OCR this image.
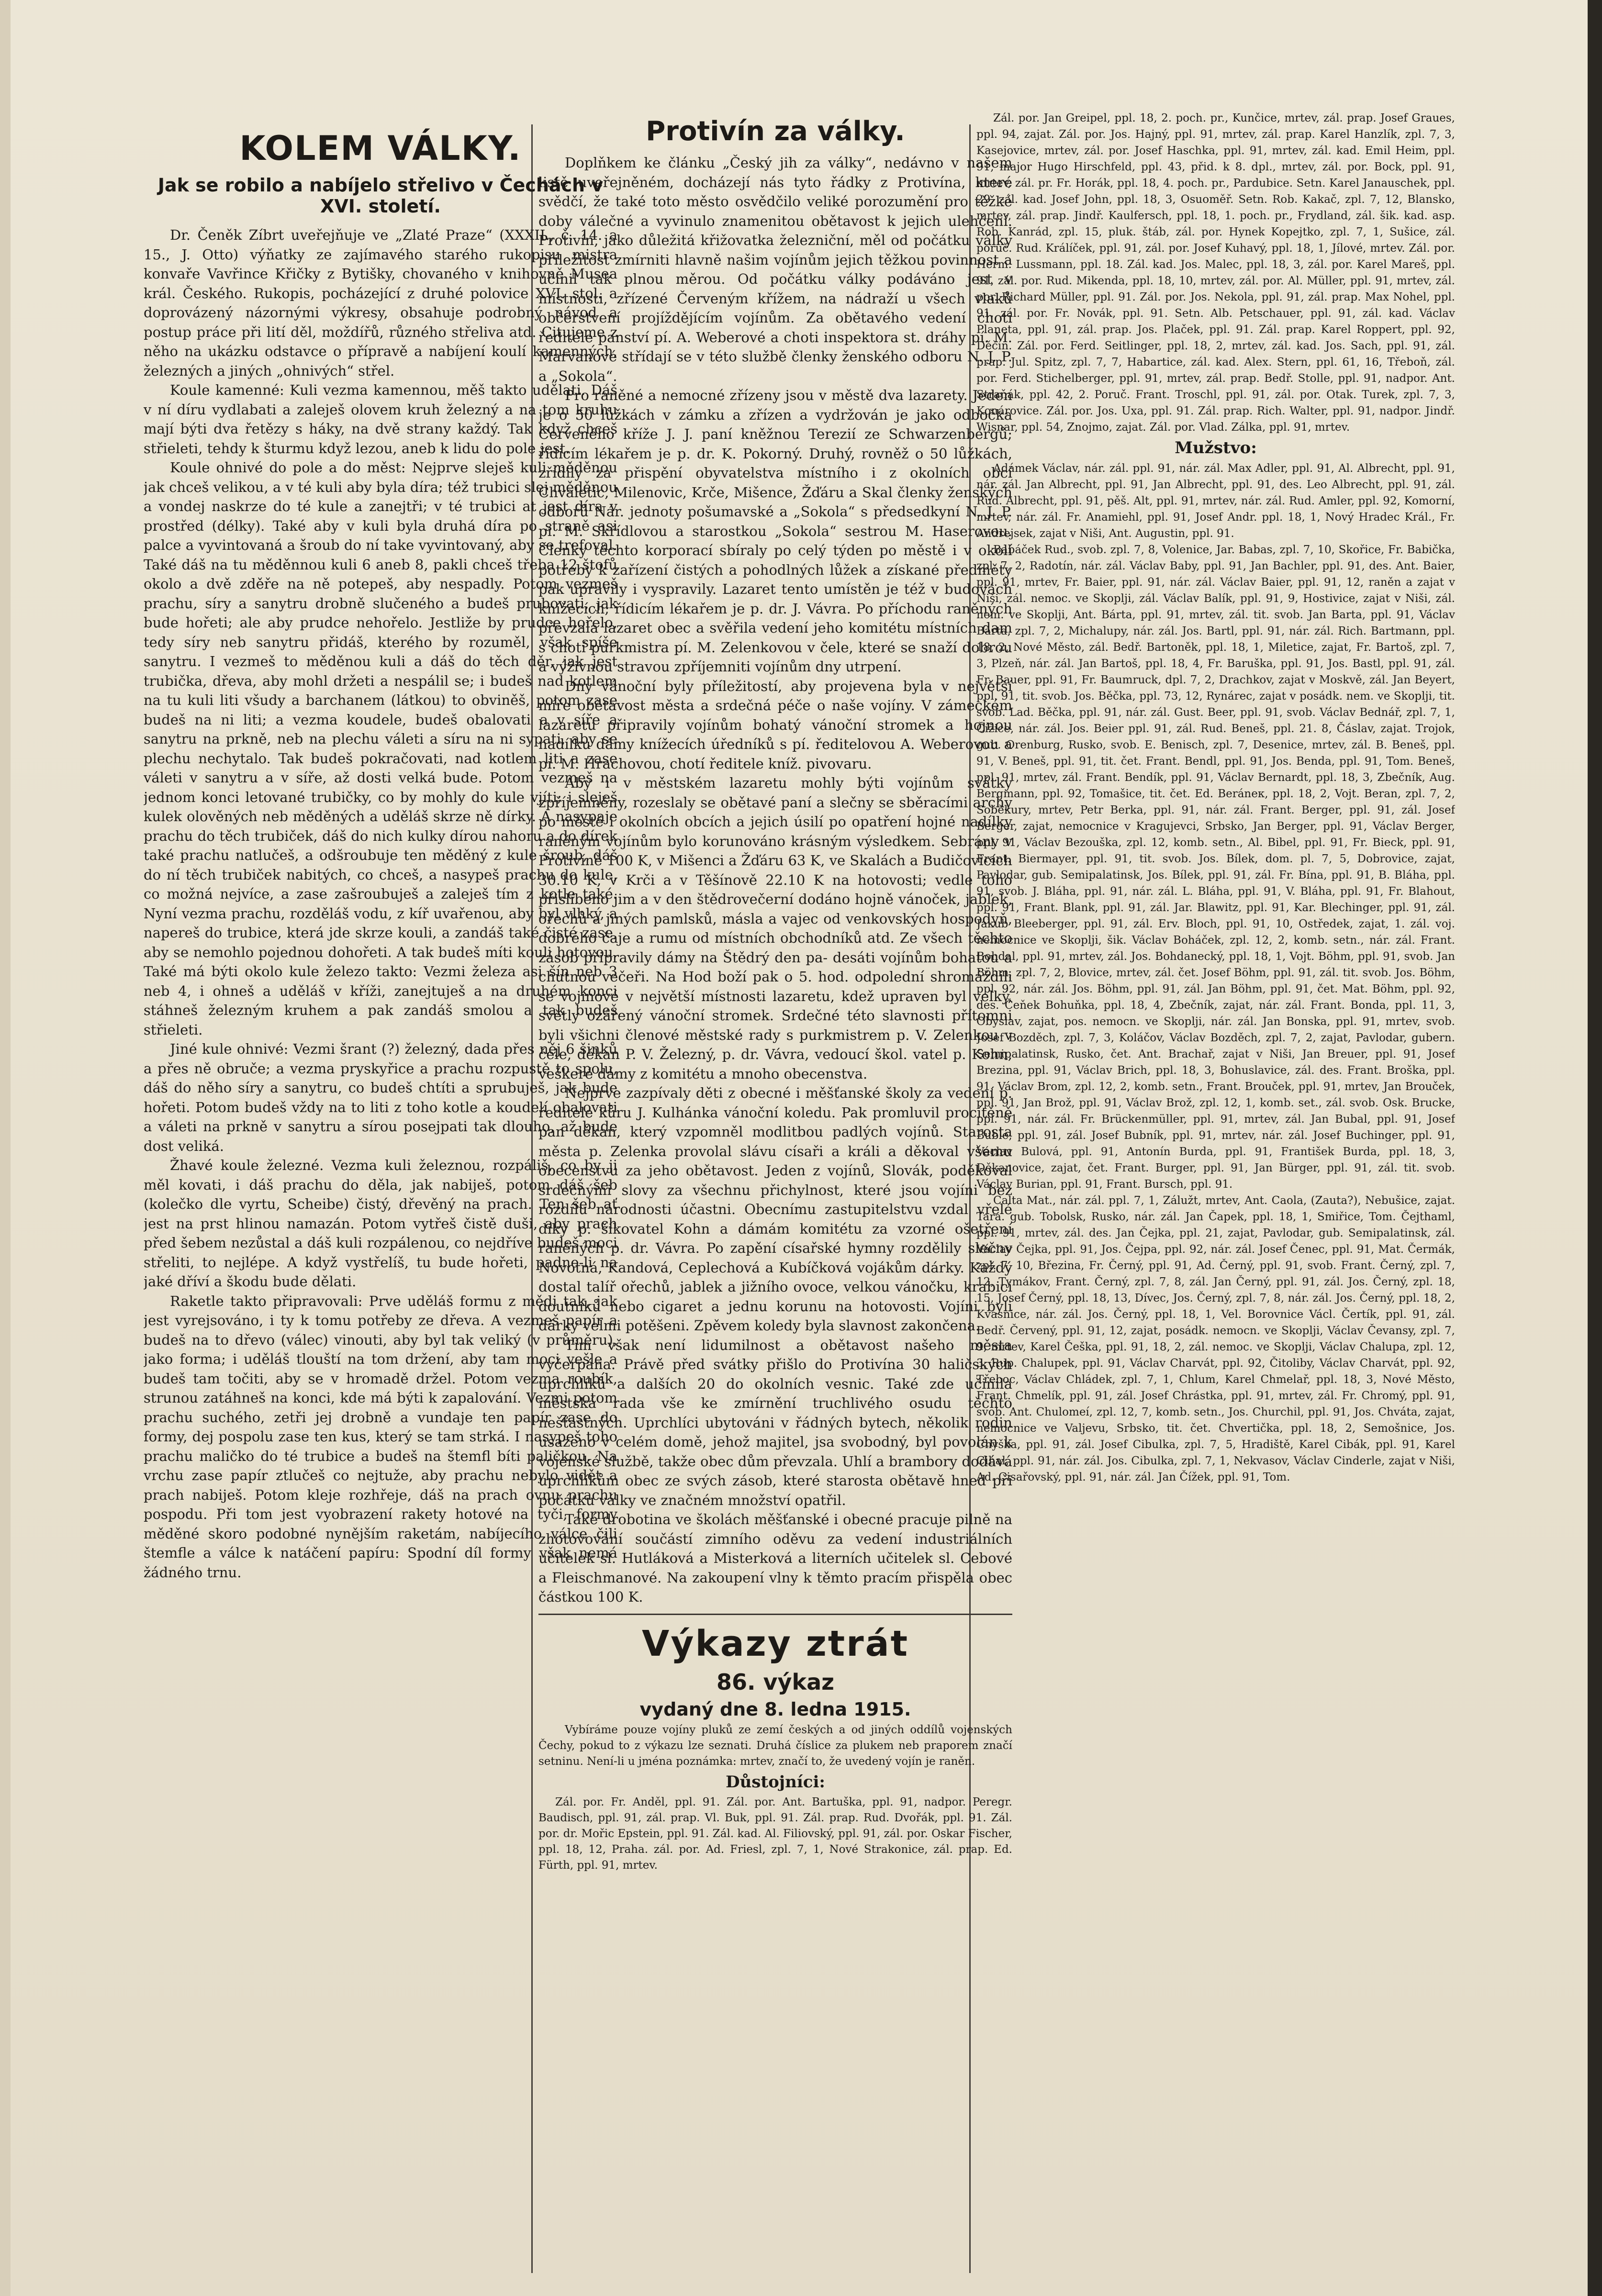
KOLEM VÁLKY.
Jak se robilo a nabíjelo střelivo v Čechách v XVI. století.

Dr. Čeněk Zíbrt uveřejňuje ve „Zlaté Praze“ (XXXII., č. 14. a 15., J. Otto) výňatky ze zajímavého starého rukopisu mistra konvaře Vavřince Křičky z Bytišky, chovaného v knihovně Musea král. Českého. Rukopis, pocházející z druhé polovice XVI. stol. a doprovázený názornými výkresy, obsahuje podrobný návod a postup práce při lití děl, moždířů, různého střeliva atd. Citujeme z něho na ukázku odstavce o přípravě a nabíjení koulí kamenných, železných a jiných „ohnivých“ střel.

Koule kamenné: Kuli vezma kamennou, měš takto udělati. Dáš v ní díru vydlabati a zaleješ olovem kruh železný a na tom kruhu mají býti dva řetězy s háky, na dvě strany každý. Tak když chceš střieleti, tehdy k šturmu když lezou, aneb k lidu do pole jest.

Koule ohnivé do pole a do měst: Nejprve sleješ kuli měděnou jak chceš velikou, a v té kuli aby byla díra; též trubici slej měděnou a vondej naskrze do té kule a zanejtři; v té trubici at jest díra v prostřed (délky). Také aby v kuli byla druhá díra po straně asi palce a vyvintovaná a šroub do ní take vyvintovaný, aby se trefoval. Také dáš na tu měděnnou kuli 6 aneb 8, pakli chceš třeba 12 štofů okolo a dvě zděře na ně potepeš, aby nespadly. Potom vezmeš prachu, síry a sanytru drobně slučeného a budeš prubovati, jak bude hořeti; ale aby prudce nehořelo. Jestliže by prudce hořelo, tedy síry neb sanytru přidáš, kterého by rozuměl, však spíše sanytru. I vezmeš to měděnou kuli a dáš do těch děr, jak jest trubička, dřeva, aby mohl držeti a nespálil se; i budeš nad kotlem na tu kuli liti všudy a barchanem (látkou) to obviněš, potom zase budeš na ni liti; a vezma koudele, budeš obalovati a v síře a sanytru na prkně, neb na plechu váleti a síru na ni sypati, aby se plechu nechytalo. Tak budeš pokračovati, nad kotlem liti a zase váleti v sanytru a v síře, až dosti velká bude. Potom vezmeš na jednom konci letované trubičky, co by mohly do kule vjíti; i sleješ kulek olověných neb měděných a uděláš skrze ně dírky. A nasypaje prachu do těch trubiček, dáš do nich kulky dírou nahoru a do dírek také prachu natlučeš, a odšroubuje ten měděný z kule šroub, dáš do ní těch trubiček nabitých, co chceš, a nasypeš prachu do kule, co možná nejvíce, a zase zašroubuješ a zaleješ tím z kotle také. Nyní vezma prachu, rozděláš vodu, z kíř uvařenou, aby byl vlhký, a napereš do trubice, která jde skrze kouli, a zandáš také čisté zase, aby se nemohlo pojednou dohořeti. A tak budeš míti kouli hotovou. Také má býti okolo kule železo takto: Vezmi železa asi šín neb 3 neb 4, i ohneš a uděláš v kříži, zanejtuješ a na druhém konci stáhneš železným kruhem a pak zandáš smolou a tak budeš střieleti.

Jiné kule ohnivé: Vezmi šrant (?) železný, dada přes něj 6 šinků a přes ně obruče; a vezma pryskyřice a prachu rozpustě to spolu, dáš do něho síry a sanytru, co budeš chtíti a sprubuješ, jak bude hořeti. Potom budeš vždy na to liti z toho kotle a koudelí obalovati a váleti na prkně v sanytru a sírou posejpati tak dlouho, až bude dost veliká.

Žhavé koule železné. Vezma kuli železnou, rozpáliš, co by ji měl kovati, i dáš prachu do děla, jak nabiješ, potom dáš šeb (kolečko dle vyrtu, Scheibe) čistý, dřevěný na prach. Ten šeb ať jest na prst hlinou namazán. Potom vytřeš čistě duši, aby prach před šebem nezůstal a dáš kuli rozpálenou, co nejdříve budeš moci střeliti, to nejlépe. A když vystřelíš, tu bude hořeti, padne-li na jaké dříví a škodu bude dělati.

Raketle takto připravovali: Prve uděláš formu z mědi tak, jak jest vyrejsováno, i ty k tomu potřeby ze dřeva. A vezmeš papír a budeš na to dřevo (válec) vinouti, aby byl tak veliký (v průměru), jako forma; i uděláš tlouští na tom držení, aby tam moci vešle a budeš tam točiti, aby se v hromadě držel. Potom vezma roubík, strunou zatáhneš na konci, kde má býti k zapalování. Vezmi potom prachu suchého, zetři jej drobně a vundaje ten papír zase do formy, dej pospolu zase ten kus, který se tam strká. I nasypeš toho prachu maličko do té trubice a budeš na štemfl bíti paličkou. Na vrchu zase papír ztlučeš co nejtuže, aby prachu nebylo vidět a prach nabiješ. Potom kleje rozhřeje, dáš na prach ovnu prachu pospodu. Při tom jest vyobrazení rakety hotové na tyči, formy měděné skoro podobné nynějším raketám, nabíjecího válce čili štemfle a válce k natáčení papíru: Spodní díl formy však nemá žádného trnu.

Protivín za války.

Doplňkem ke článku „Český jih za války“, nedávno v našem listě uveřejněném, docházejí nás tyto řádky z Protivína, které svědčí, že také toto město osvědčilo veliké porozumění pro těžké doby válečné a vyvinulo znamenitou obětavost k jejich ulehčení. Protivín, jako důležitá křižovatka železniční, měl od počátku války příležitost zmírniti hlavně našim vojínům jejich těžkou povinnost a učinil tak plnou měrou. Od počátku války podáváno jest v místnosti, zřízené Červeným křížem, na nádraží u všech vlaků občerstvení projíždějícím vojínům. Za obětavého vedení choti ředitele panství pí. A. Weberové a choti inspektora st. dráhy pí. M. Marvanové střídají se v této službě členky ženského odboru N. J. P. a „Sokola“.

Pro raněné a nemocné zřízeny jsou v městě dva lazarety. Jeden je o 50 lůžkách v zámku a zřízen a vydržován je jako odbočka Červeného kříže J. J. paní kněžnou Terezií ze Schwarzenbergů; řídicím lékařem je p. dr. K. Pokorný. Druhý, rovněž o 50 lůžkách, zřídily za přispění obyvatelstva místního i z okolních obcí Chvaletic, Milenovic, Krče, Mišence, Žďáru a Skal členky ženských odborů Nár. jednoty pošumavské a „Sokola“ s předsedkyní N. J. P. pí. M. Skřídlovou a starostkou „Sokola“ sestrou M. Haserovou. Členky těchto korporací sbíraly po celý týden po městě i v okolí potřeby k zařízení čistých a pohodlných lůžek a získané předměty pak upravily i vyspravily. Lazaret tento umístěn je též v budovách knížecích; řídicím lékařem je p. dr. J. Vávra. Po příchodu raněných převzala lazaret obec a svěřila vedení jeho komitétu místních dam s chotí purkmistra pí. M. Zelenkovou v čele, které se snaží dobrou a výživnou stravou zpříjemniti vojínům dny utrpení.

Dny vánoční byly příležitostí, aby projevena byla v největší míře obětavost města a srdečná péče o naše vojíny. V zámeckém lazaretu připravily vojínům bohatý vánoční stromek a hojnou nadílku dámy knížecích úředníků s pí. ředitelovou A. Weberovou a pí. M. Hrachovou, chotí ředitele kníž. pivovaru.

Aby i v městském lazaretu mohly býti vojínům svátky zpříjemněny, rozeslaly se obětavé paní a slečny se sběracími archy po městě i okolních obcích a jejich úsilí po opatření hojné nadílky raněným vojínům bylo korunováno krásným výsledkem. Sebrány v Protivíně 100 K, v Mišenci a Žďáru 63 K, ve Skalách a Budičovicích 30.10 K, v Krči a v Těšínově 22.10 K na hotovosti; vedle toho přislíbeno jim a v den štědrovečerní dodáno hojně vánoček, jablek, ořechů a jiných pamlsků, másla a vajec od venkovských hospodyň, dobrého čaje a rumu od místních obchodníků atd. Ze všech těchto zásob připravily dámy na Štědrý den pa- desáti vojínům bohatou a chutnou večeři. Na Hod boží pak o 5. hod. odpolední shromáždili se vojínové v největší místnosti lazaretu, kdež upraven byl velký, světly ozářený vánoční stromek. Srdečné této slavnosti přítomni byli všichni členové městské rady s purkmistrem p. V. Zelenkou v čele, děkan P. V. Železný, p. dr. Vávra, vedoucí škol. vatel p. Kohn, veškeré dámy z komitétu a mnoho obecenstva.

Nejprve zazpívaly děti z obecné i měšťanské školy za vedení p. ředitele kůru J. Kulhánka vánoční koledu. Pak promluvil procítěně pan děkan, který vzpomněl modlitbou padlých vojínů. Starosta města p. Zelenka provolal slávu císaři a králi a děkoval všemu obecenstvu za jeho obětavost. Jeden z vojínů, Slovák, poděkoval srdečnými slovy za všechnu přichylnost, které jsou vojíni bez rozdílu národnosti účastni. Obecnímu zastupitelstvu vzdal vřelé díky p. šikovatel Kohn a dámám komitétu za vzorné ošetření raněných p. dr. Vávra. Po zapění císařské hymny rozdělily slečny Novotná, Kandová, Ceplechová a Kubíčková vojákům dárky. Každý dostal talíř ořechů, jablek a jižního ovoce, velkou vánočku, krabici doutníků nebo cigaret a jednu korunu na hotovosti. Vojíni byli dárky velmi potěšeni. Zpěvem koledy byla slavnost zakončena.

Tím však není lidumilnost a obětavost našeho města vyčerpána. Právě před svátky přišlo do Protivína 30 haličských uprchlíků a dalších 20 do okolních vesnic. Také zde učinila městská rada vše ke zmírnění truchlivého osudu těchto nešťastných. Uprchlíci ubytováni v řádných bytech, několik rodin usazeno v celém domě, jehož majitel, jsa svobodný, byl povolán k vojenské službě, takže obec dům převzala. Uhlí a brambory dodává uprchlíkům obec ze svých zásob, které starosta obětavě hned při počátku války ve značném množství opatřil.

Také drobotina ve školách měšťanské i obecné pracuje pilně na zhotovování součástí zimního oděvu za vedení industriálních učitelek sl. Hutláková a Misterková a literních učitelek sl. Cebové a Fleischmanové. Na zakoupení vlny k těmto pracím přispěla obec částkou 100 K.

Výkazy ztrát
86. výkaz
vydaný dne 8. ledna 1915.

Vybíráme pouze vojíny pluků ze zemí českých a od jiných oddílů vojenských Čechy, pokud to z výkazu lze seznati. Druhá číslice za plukem neb praporem značí setninu. Není-li u jména poznámka: mrtev, značí to, že uvedený vojín je raněn.

Důstojníci:

Zál. por. Fr. Anděl, ppl. 91. Zál. por. Ant. Bartuška, ppl. 91, nadpor. Peregr. Baudisch, ppl. 91, zál. prap. Vl. Buk, ppl. 91. Zál. prap. Rud. Dvořák, ppl. 91. Zál. por. dr. Mořic Epstein, ppl. 91. Zál. kad. Al. Filiovský, ppl. 91, zál. por. Oskar Fischer, ppl. 18, 12, Praha. zál. por. Ad. Friesl, zpl. 7, 1, Nové Strakonice, zál. prap. Ed. Fürth, ppl. 91, mrtev.

Zál. por. Jan Greipel, ppl. 18, 2. poch. pr., Kunčice, mrtev, zál. prap. Josef Graues, ppl. 94, zajat. Zál. por. Jos. Hajný, ppl. 91, mrtev, zál. prap. Karel Hanzlík, zpl. 7, 3, Kasejovice, mrtev, zál. por. Josef Haschka, ppl. 91, mrtev, zál. kad. Emil Heim, ppl. 91, major Hugo Hirschfeld, ppl. 43, přid. k 8. dpl., mrtev, zál. por. Bock, ppl. 91, mrtev, zál. pr. Fr. Horák, ppl. 18, 4. poch. pr., Pardubice. Setn. Karel Janauschek, ppl. 29, zál. kad. Josef John, ppl. 18, 3, Osuoměř. Setn. Rob. Kakač, zpl. 7, 12, Blansko, mrtev, zál. prap. Jindř. Kaulfersch, ppl. 18, 1. poch. pr., Frydland, zál. šik. kad. asp. Rob. Kanrád, zpl. 15, pluk. štáb, zál. por. Hynek Kopejtko, zpl. 7, 1, Sušice, zál. poruč. Rud. Králíček, ppl. 91, zál. por. Josef Kuhavý, ppl. 18, 1, Jílové, mrtev. Zál. por. Herm. Lussmann, ppl. 18. Zál. kad. Jos. Malec, ppl. 18, 3, zál. por. Karel Mareš, ppl. 91, zál. por. Rud. Mikenda, ppl. 18, 10, mrtev, zál. por. Al. Müller, ppl. 91, mrtev, zál. por. Richard Müller, ppl. 91. Zál. por. Jos. Nekola, ppl. 91, zál. prap. Max Nohel, ppl. 91, zál. por. Fr. Novák, ppl. 91. Setn. Alb. Petschauer, ppl. 91, zál. kad. Václav Planeta, ppl. 91, zál. prap. Jos. Plaček, ppl. 91. Zál. prap. Karel Roppert, ppl. 92, Děčín. Zál. por. Ferd. Seitlinger, ppl. 18, 2, mrtev, zál. kad. Jos. Sach, ppl. 91, zál. prap. Jul. Spitz, zpl. 7, 7, Habartice, zál. kad. Alex. Stern, ppl. 61, 16, Třeboň, zál. por. Ferd. Stichelberger, ppl. 91, mrtev, zál. prap. Bedř. Stolle, ppl. 91, nadpor. Ant. Straňák, ppl. 42, 2. Poruč. Frant. Troschl, ppl. 91, zál. por. Otak. Turek, zpl. 7, 3, Konárovice. Zál. por. Jos. Uxa, ppl. 91. Zál. prap. Rich. Walter, ppl. 91, nadpor. Jindř. Wisnar, ppl. 54, Znojmo, zajat. Zál. por. Vlad. Zálka, ppl. 91, mrtev.

Mužstvo:

Adámek Václav, nár. zál. ppl. 91, nár. zál. Max Adler, ppl. 91, Al. Albrecht, ppl. 91, nár. zál. Jan Albrecht, ppl. 91, Jan Albrecht, ppl. 91, des. Leo Albrecht, ppl. 91, zál. Rud. Albrecht, ppl. 91, pěš. Alt, ppl. 91, mrtev, nár. zál. Rud. Amler, ppl. 92, Komorní, mrtev, nár. zál. Fr. Anamiehl, ppl. 91, Josef Andr. ppl. 18, 1, Nový Hradec Král., Fr. Andrejsek, zajat v Niši, Ant. Augustin, ppl. 91.

Babáček Rud., svob. zpl. 7, 8, Volenice, Jar. Babas, zpl. 7, 10, Skořice, Fr. Babička, zpl. 7, 2, Radotín, nár. zál. Václav Baby, ppl. 91, Jan Bachler, ppl. 91, des. Ant. Baier, ppl. 91, mrtev, Fr. Baier, ppl. 91, nár. zál. Václav Baier, ppl. 91, 12, raněn a zajat v Niši, zál. nemoc. ve Skoplji, zál. Václav Balík, ppl. 91, 9, Hostivice, zajat v Niši, zál. nem. ve Skoplji, Ant. Bárta, ppl. 91, mrtev, zál. tit. svob. Jan Barta, ppl. 91, Václav Bárta, zpl. 7, 2, Michalupy, nár. zál. Jos. Bartl, ppl. 91, nár. zál. Rich. Bartmann, ppl. 18, 2, Nové Město, zál. Bedř. Bartoněk, ppl. 18, 1, Miletice, zajat, Fr. Bartoš, zpl. 7, 3, Plzeň, nár. zál. Jan Bartoš, ppl. 18, 4, Fr. Baruška, ppl. 91, Jos. Bastl, ppl. 91, zál. Fr. Bauer, ppl. 91, Fr. Baumruck, dpl. 7, 2, Drachkov, zajat v Moskvě, zál. Jan Beyert, ppl. 91, tit. svob. Jos. Běčka, ppl. 73, 12, Rynárec, zajat v posádk. nem. ve Skoplji, tit. svob. Lad. Běčka, ppl. 91, nár. zál. Gust. Beer, ppl. 91, svob. Václav Bednář, zpl. 7, 1, Čížice, nár. zál. Jos. Beier ppl. 91, zál. Rud. Beneš, ppl. 21. 8, Čáslav, zajat. Trojok, gub. Orenburg, Rusko, svob. E. Benisch, zpl. 7, Desenice, mrtev, zál. B. Beneš, ppl. 91, V. Beneš, ppl. 91, tit. čet. Frant. Bendl, ppl. 91, Jos. Benda, ppl. 91, Tom. Beneš, ppl. 91, mrtev, zál. Frant. Bendík, ppl. 91, Václav Bernardt, ppl. 18, 3, Zbečník, Aug. Bergmann, ppl. 92, Tomašice, tit. čet. Ed. Beráneк, ppl. 18, 2, Vojt. Beran, zpl. 7, 2, Soběkury, mrtev, Petr Berka, ppl. 91, nár. zál. Frant. Berger, ppl. 91, zál. Josef Berger, zajat, nemocnice v Kragujevci, Srbsko, Jan Berger, ppl. 91, Václav Berger, ppl. 91, Václav Bezouška, zpl. 12, komb. setn., Al. Bibel, ppl. 91, Fr. Bieck, ppl. 91, Frant. Biermayer, ppl. 91, tit. svob. Jos. Bílek, dom. pl. 7, 5, Dobrovice, zajat, Pavlodar, gub. Semipalatinsk, Jos. Bílek, ppl. 91, zál. Fr. Bína, ppl. 91, B. Bláha, ppl. 91, svob. J. Bláha, ppl. 91, nár. zál. L. Bláha, ppl. 91, V. Bláha, ppl. 91, Fr. Blahout, ppl. 91, Frant. Blank, ppl. 91, zál. Jar. Blawitz, ppl. 91, Kar. Blechinger, ppl. 91, zál. Jakub Bleeberger, ppl. 91, zál. Erv. Bloch, ppl. 91, 10, Ostředek, zajat, 1. zál. voj. nemocnice ve Skoplji, šik. Václav Boháček, zpl. 12, 2, komb. setn., nár. zál. Frant. Bohdal, ppl. 91, mrtev, zál. Jos. Bohdanecký, ppl. 18, 1, Vojt. Böhm, ppl. 91, svob. Jan Böhm, zpl. 7, 2, Blovice, mrtev, zál. čet. Josef Böhm, ppl. 91, zál. tit. svob. Jos. Böhm, ppl. 92, nár. zál. Jos. Böhm, ppl. 91, zál. Jan Böhm, ppl. 91, čet. Mat. Böhm, ppl. 92, des. Čeňek Bohuňka, ppl. 18, 4, Zbečník, zajat, nár. zál. Frant. Bonda, ppl. 11, 3, Obyslav, zajat, pos. nemocn. ve Skoplji, nár. zál. Jan Bonska, ppl. 91, mrtev, svob. Josef Bozděch, zpl. 7, 3, Koláčov, Václav Bozděch, zpl. 7, 2, zajat, Pavlodar, gubern. Semipalatinsk, Rusko, čet. Ant. Brachař, zajat v Niši, Jan Breuer, ppl. 91, Josef Brezina, ppl. 91, Václav Brich, ppl. 18, 3, Bohuslavice, zál. des. Frant. Broška, ppl. 91, Václav Brom, zpl. 12, 2, komb. setn., Frant. Brouček, ppl. 91, mrtev, Jan Brouček, ppl. 91, Jan Brož, ppl. 91, Václav Brož, zpl. 12, 1, komb. set., zál. svob. Osk. Brucke, ppl. 91, nár. zál. Fr. Brückenmüller, ppl. 91, mrtev, zál. Jan Bubal, ppl. 91, Josef Buble, ppl. 91, zál. Josef Bubník, ppl. 91, mrtev, nár. zál. Josef Buchinger, ppl. 91, Václav Bulová, ppl. 91, Antonín Burda, ppl. 91, František Burda, ppl. 18, 3, Děkanovice, zajat, čet. Frant. Burger, ppl. 91, Jan Bürger, ppl. 91, zál. tit. svob. Václav Burian, ppl. 91, Frant. Bursch, ppl. 91.

Calta Mat., nár. zál. ppl. 7, 1, Zálužt, mrtev, Ant. Caola, (Zauta?), Nebušice, zajat. Tara. gub. Tobolsk, Rusko, nár. zál. Jan Čapek, ppl. 18, 1, Smiřice, Tom. Čejthaml, ppl. 91, mrtev, zál. des. Jan Čejka, ppl. 21, zajat, Pavlodar, gub. Semipalatinsk, zál. Václav Čejka, ppl. 91, Jos. Čejpa, ppl. 92, nár. zál. Josef Čenec, ppl. 91, Mat. Čermák, zpl. 7, 10, Březina, Fr. Černý, ppl. 91, Ad. Černý, ppl. 91, svob. Frant. Černý, zpl. 7, 12, Tymákov, Frant. Černý, zpl. 7, 8, zál. Jan Černý, ppl. 91, zál. Jos. Černý, zpl. 18, 15, Josef Černý, ppl. 18, 13, Dívec, Jos. Černý, zpl. 7, 8, nár. zál. Jos. Černý, ppl. 18, 2, Kvasnice, nár. zál. Jos. Černý, ppl. 18, 1, Vel. Borovnice Václ. Čertík, ppl. 91, zál. Bedř. Červený, ppl. 91, 12, zajat, posádk. nemocn. ve Skoplji, Václav Čevansy, zpl. 7, 9, mrtev, Karel Češka, ppl. 91, 18, 2, zál. nemoc. ve Skoplji, Václav Chalupa, zpl. 12, 3, Rup. Chalupek, ppl. 91, Václav Charvát, ppl. 92, Čitoliby, Václav Charvát, ppl. 92, Třeboc, Václav Chládek, zpl. 7, 1, Chlum, Karel Chmelař, ppl. 18, 3, Nové Město, Frant. Chmelík, ppl. 91, zál. Josef Chrástka, ppl. 91, mrtev, zál. Fr. Chromý, ppl. 91, svob. Ant. Chulomeí, zpl. 12, 7, komb. setn., Jos. Churchil, ppl. 91, Jos. Chváta, zajat, nemocnice ve Valjevu, Srbsko, tit. čet. Chvertička, ppl. 18, 2, Semošnice, Jos. Chyška, ppl. 91, zál. Josef Cibulka, zpl. 7, 5, Hradiště, Karel Cibák, ppl. 91, Karel Cihal, ppl. 91, nár. zál. Jos. Cibulka, zpl. 7, 1, Nekvasov, Václav Cinderle, zajat v Niši, Ad. Cisařovský, ppl. 91, nár. zál. Jan Čížek, ppl. 91, Tom.
